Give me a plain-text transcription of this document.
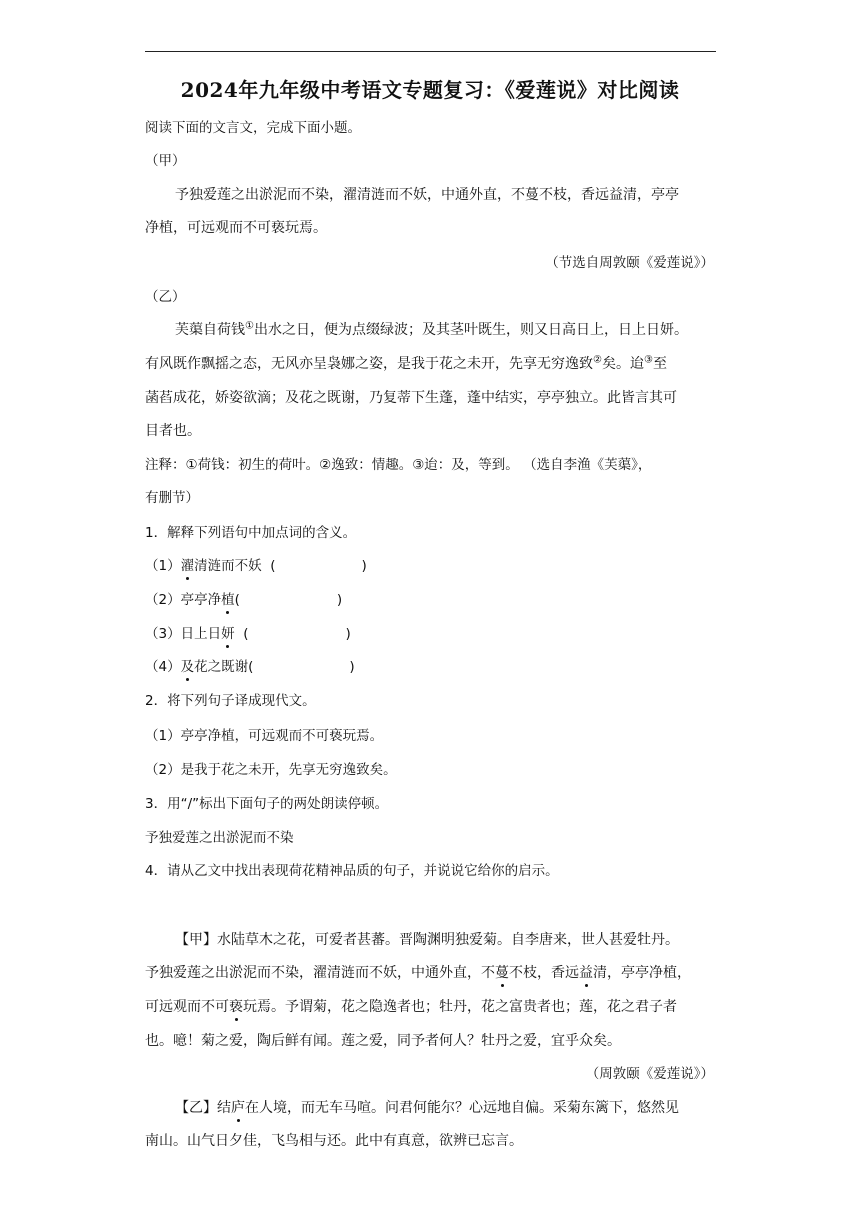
2024年九年级中考语文专题复习：《爱莲说》对比阅读
阅读下面的文言文，完成下面小题。
（甲）
予独爱莲之出淤泥而不染，濯清涟而不妖，中通外直，不蔓不枝，香远益清，亭亭
净植，可远观而不可亵玩焉。
（节选自周敦颐《爱莲说》）
（乙）
芙蕖自荷钱①出水之日，便为点缀绿波；及其茎叶既生，则又日高日上，日上日妍。
有风既作飘摇之态，无风亦呈袅娜之姿，是我于花之未开，先享无穷逸致②矣。迨③至
菡萏成花，娇姿欲滴；及花之既谢，乃复蒂下生蓬，蓬中结实，亭亭独立。此皆言其可
目者也。
注释：①荷钱：初生的荷叶。②逸致：情趣。③迨：及，等到。 （选自李渔《芙蕖》，
有删节）
1．解释下列语句中加点词的含义。
（1）濯清涟而不妖 (	)
（2）亭亭净植(	)
（3）日上日妍 (	)
（4）及花之既谢(	)
2．将下列句子译成现代文。
（1）亭亭净植，可远观而不可亵玩焉。
（2）是我于花之未开，先享无穷逸致矣。
3．用“/”标出下面句子的两处朗读停顿。
予独爱莲之出淤泥而不染
4．请从乙文中找出表现荷花精神品质的句子，并说说它给你的启示。
【甲】水陆草木之花，可爱者甚蕃。晋陶渊明独爱菊。自李唐来，世人甚爱牡丹。
予独爱莲之出淤泥而不染，濯清涟而不妖，中通外直，不蔓不枝，香远益清，亭亭净植，
可远观而不可亵玩焉。予谓菊，花之隐逸者也；牡丹，花之富贵者也；莲，花之君子者
也。噫！菊之爱，陶后鲜有闻。莲之爱，同予者何人？牡丹之爱，宜乎众矣。
（周敦颐《爱莲说》）
【乙】结庐在人境，而无车马喧。问君何能尔？心远地自偏。采菊东篱下，悠然见
南山。山气日夕佳，飞鸟相与还。此中有真意，欲辨已忘言。
